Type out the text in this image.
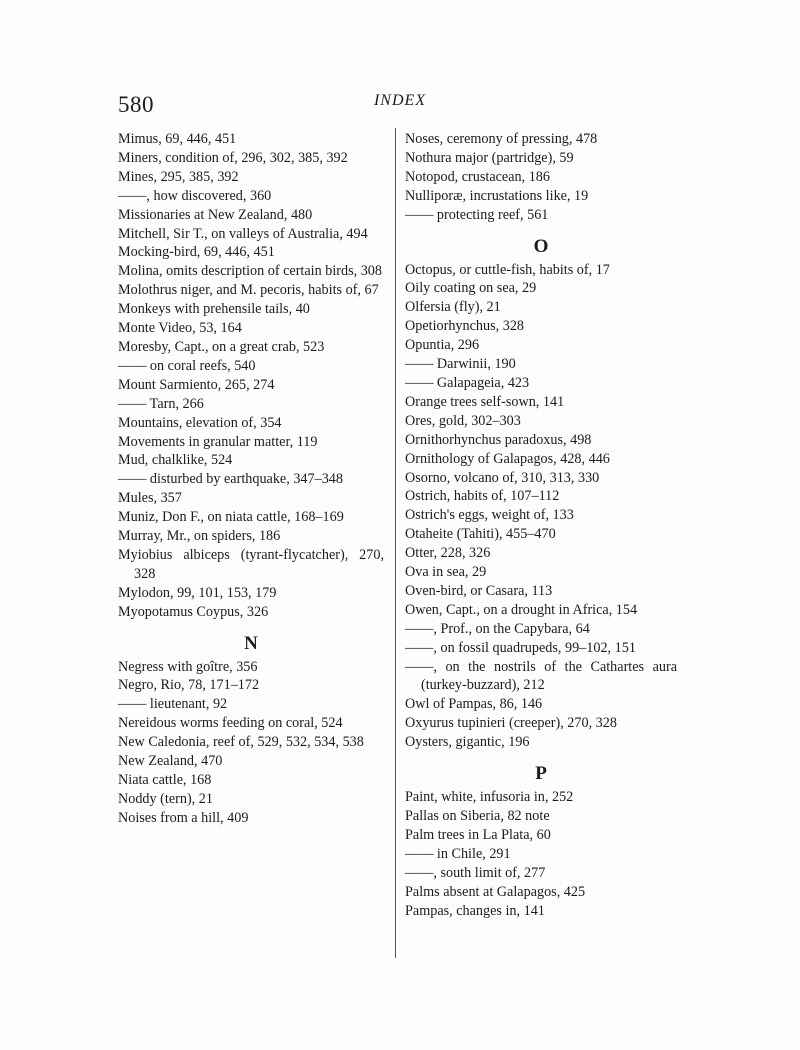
580	INDEX
Mimus, 69, 446, 451
Miners, condition of, 296, 302, 385, 392
Mines, 295, 385, 392
——, how discovered, 360
Missionaries at New Zealand, 480
Mitchell, Sir T., on valleys of Australia, 494
Mocking-bird, 69, 446, 451
Molina, omits description of certain birds, 308
Molothrus niger, and M. pecoris, habits of, 67
Monkeys with prehensile tails, 40
Monte Video, 53, 164
Moresby, Capt., on a great crab, 523
—— on coral reefs, 540
Mount Sarmiento, 265, 274
—— Tarn, 266
Mountains, elevation of, 354
Movements in granular matter, 119
Mud, chalklike, 524
—— disturbed by earthquake, 347–348
Mules, 357
Muniz, Don F., on niata cattle, 168–169
Murray, Mr., on spiders, 186
Myiobius albiceps (tyrant-flycatcher), 270, 328
Mylodon, 99, 101, 153, 179
Myopotamus Coypus, 326
N
Negress with goître, 356
Negro, Rio, 78, 171–172
—— lieutenant, 92
Nereidous worms feeding on coral, 524
New Caledonia, reef of, 529, 532, 534, 538
New Zealand, 470
Niata cattle, 168
Noddy (tern), 21
Noises from a hill, 409
Noses, ceremony of pressing, 478
Nothura major (partridge), 59
Notopod, crustacean, 186
Nulliporæ, incrustations like, 19
—— protecting reef, 561
O
Octopus, or cuttle-fish, habits of, 17
Oily coating on sea, 29
Olfersia (fly), 21
Opetiorhynchus, 328
Opuntia, 296
—— Darwinii, 190
—— Galapageia, 423
Orange trees self-sown, 141
Ores, gold, 302–303
Ornithorhynchus paradoxus, 498
Ornithology of Galapagos, 428, 446
Osorno, volcano of, 310, 313, 330
Ostrich, habits of, 107–112
Ostrich's eggs, weight of, 133
Otaheite (Tahiti), 455–470
Otter, 228, 326
Ova in sea, 29
Oven-bird, or Casara, 113
Owen, Capt., on a drought in Africa, 154
——, Prof., on the Capybara, 64
——, on fossil quadrupeds, 99–102, 151
——, on the nostrils of the Cathartes aura (turkey-buzzard), 212
Owl of Pampas, 86, 146
Oxyurus tupinieri (creeper), 270, 328
Oysters, gigantic, 196
P
Paint, white, infusoria in, 252
Pallas on Siberia, 82 note
Palm trees in La Plata, 60
—— in Chile, 291
——, south limit of, 277
Palms absent at Galapagos, 425
Pampas, changes in, 141
